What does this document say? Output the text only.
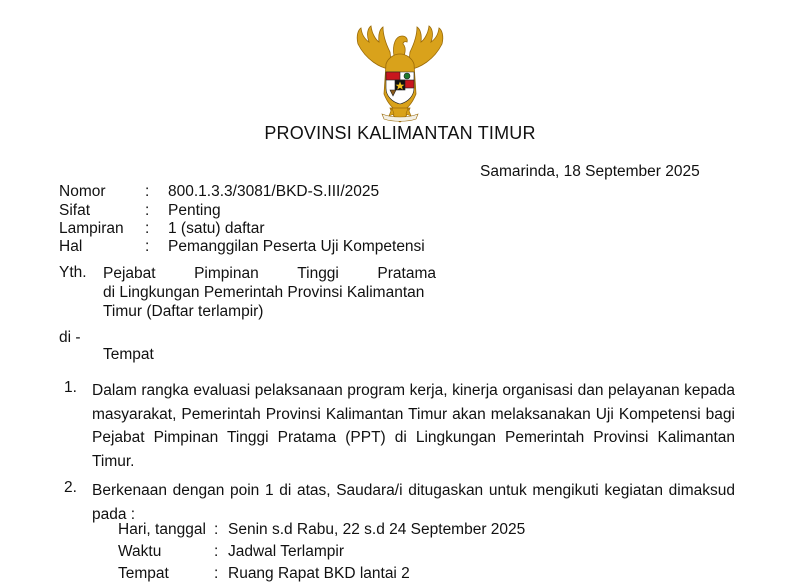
PROVINSI KALIMANTAN TIMUR
Samarinda, 18 September 2025
Nomor	: 800.1.3.3/3081/BKD-S.III/2025
Sifat	: Penting
Lampiran : 1 (satu) daftar
Hal	: Pemanggilan Peserta Uji Kompetensi
Yth. Pejabat Pimpinan Tinggi Pratama
di Lingkungan Pemerintah Provinsi Kalimantan
Timur (Daftar terlampir)
di -
Tempat
1. Dalam rangka evaluasi pelaksanaan program kerja, kinerja organisasi dan pelayanan kepada masyarakat, Pemerintah Provinsi Kalimantan Timur akan melaksanakan Uji Kompetensi bagi Pejabat Pimpinan Tinggi Pratama (PPT) di Lingkungan Pemerintah Provinsi Kalimantan Timur.
2. Berkenaan dengan poin 1 di atas, Saudara/i ditugaskan untuk mengikuti kegiatan dimaksud pada :
Hari, tanggal : Senin s.d Rabu, 22 s.d 24 September 2025
Waktu	: Jadwal Terlampir
Tempat	: Ruang Rapat BKD lantai 2
